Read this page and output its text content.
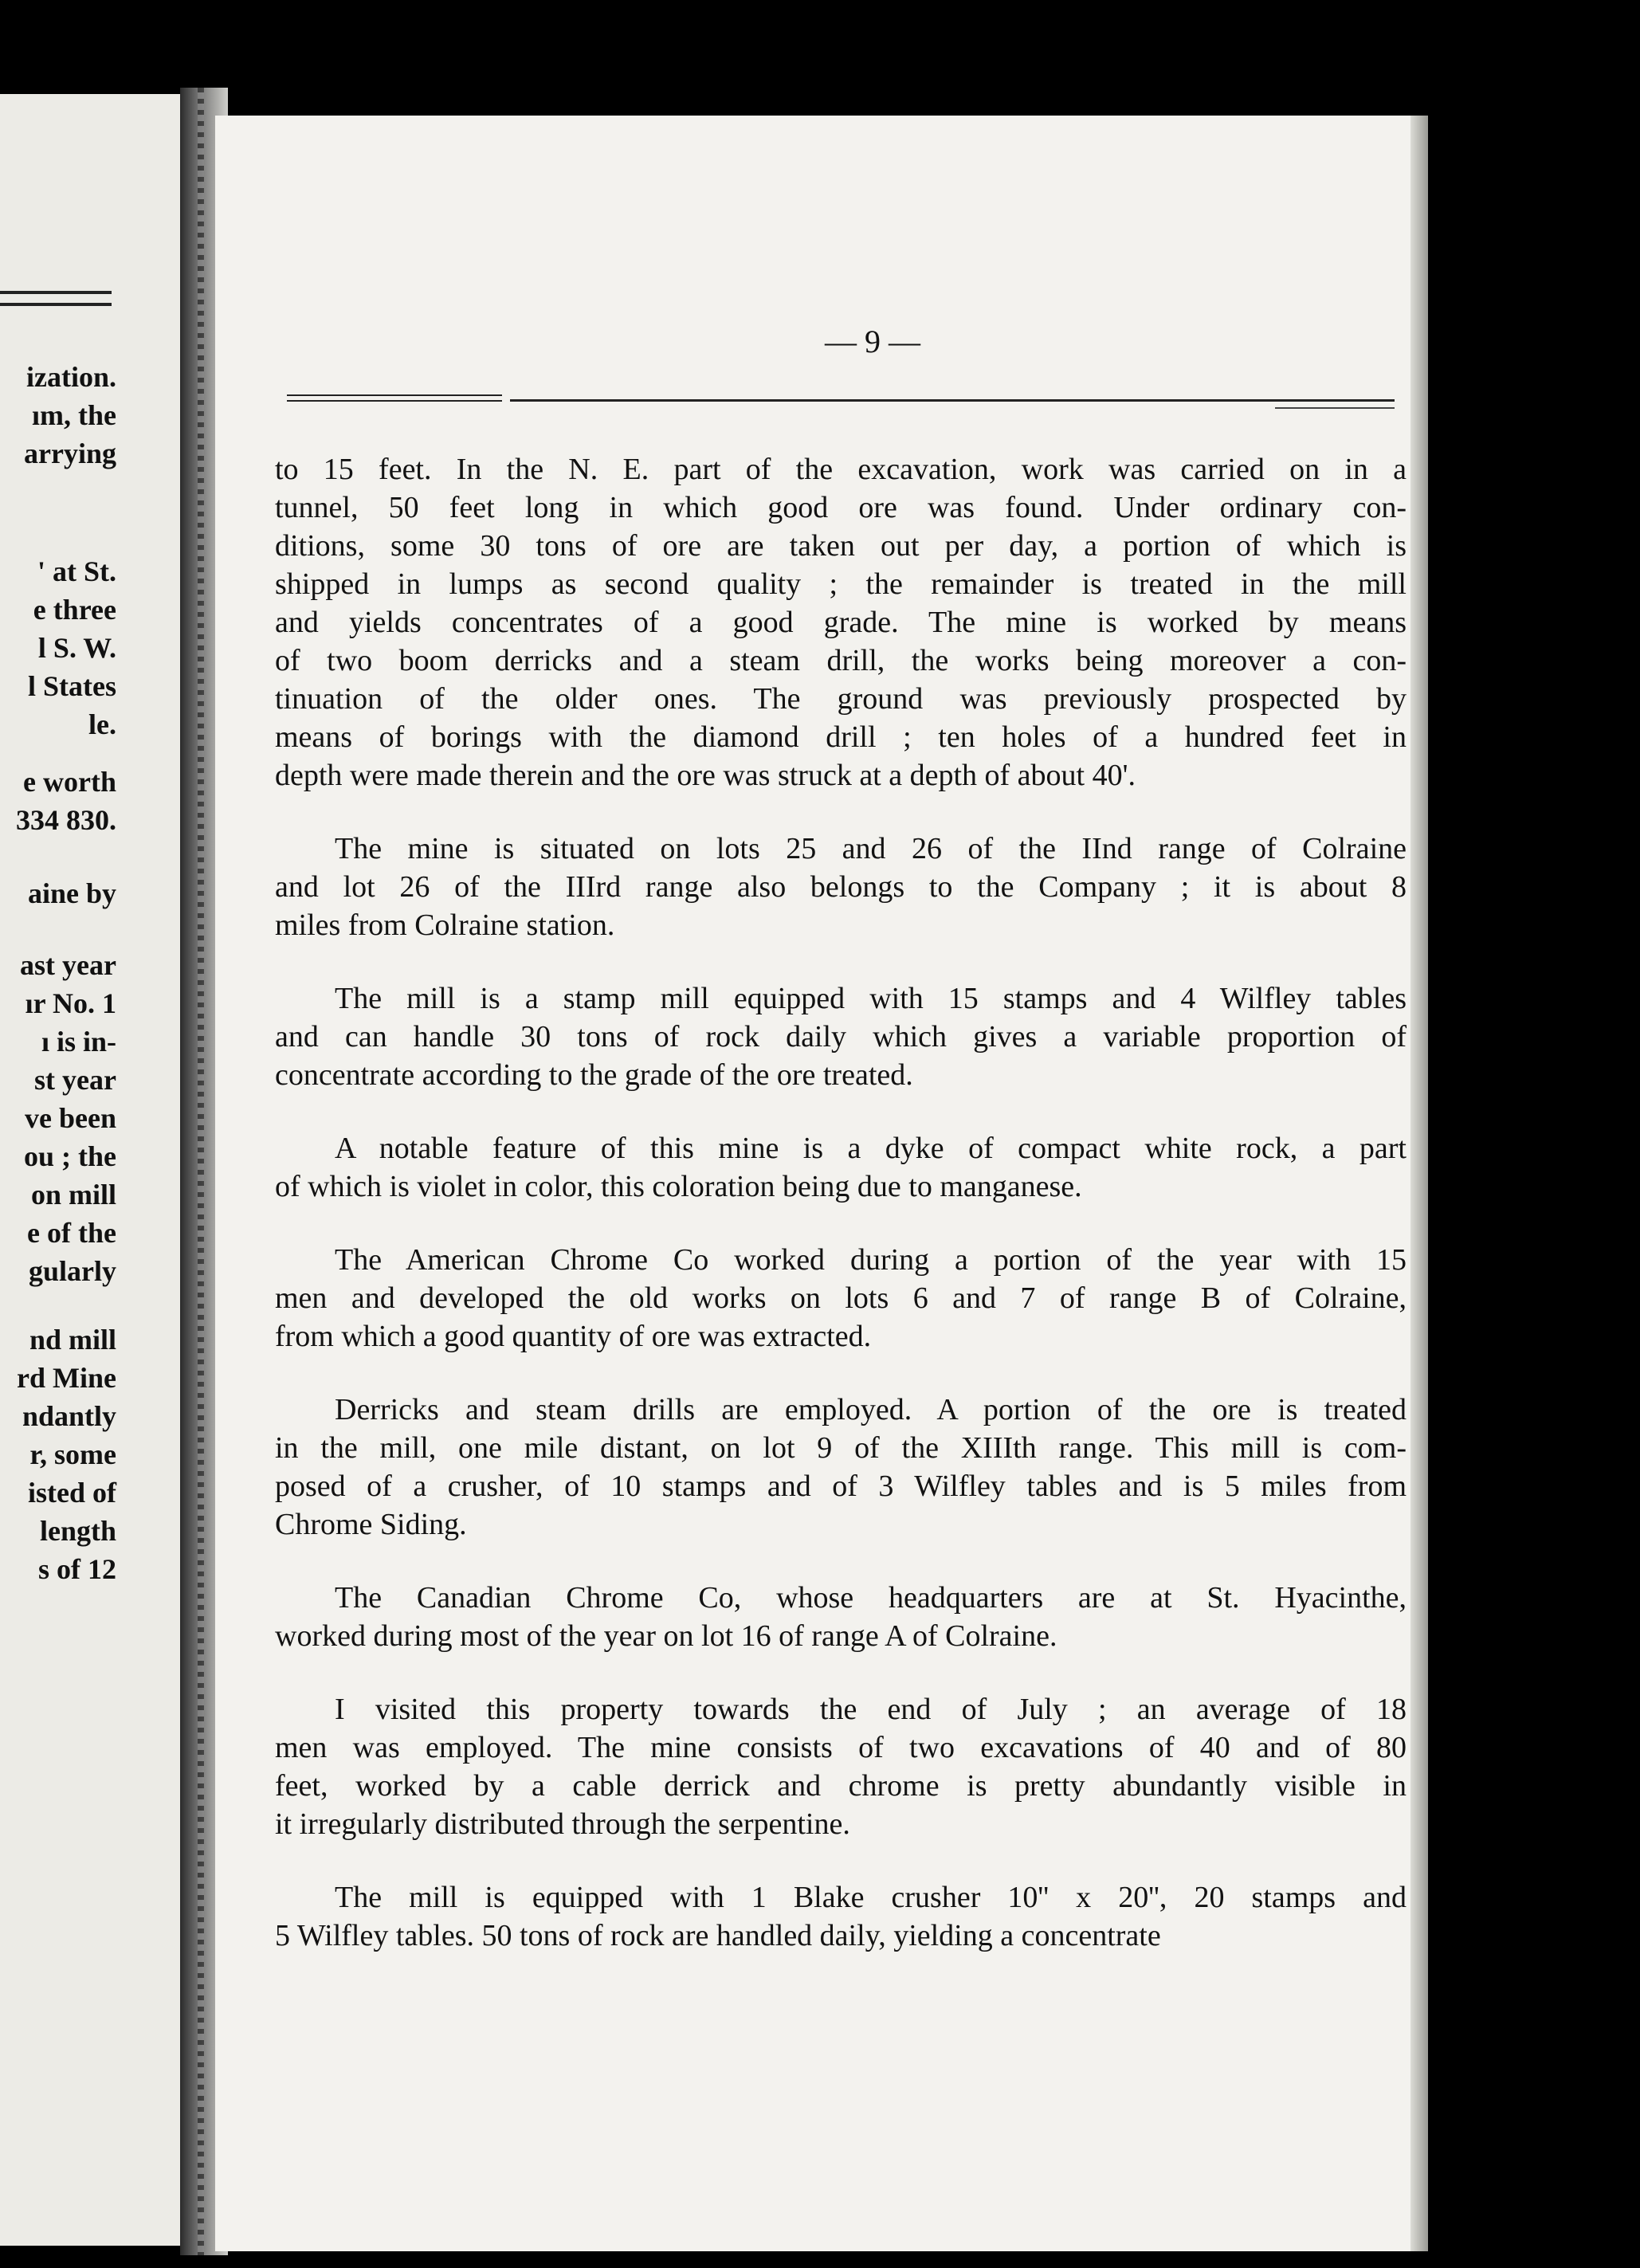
ization.
ım, the
arrying
' at St.
e three
l S. W.
l States
le.
e worth
334 830.
aine by
ast year
ır No. 1
ı is in-
st year
ve been
ou ; the
on mill
e of the
gularly
nd mill
rd Mine
ndantly
r, some
isted of
length
s of 12
— 9 —
to 15 feet. In the N. E. part of the excavation, work was carried on in a
tunnel, 50 feet long in which good ore was found. Under ordinary con-
ditions, some 30 tons of ore are taken out per day, a portion of which is
shipped in lumps as second quality ; the remainder is treated in the mill
and yields concentrates of a good grade. The mine is worked by means
of two boom derricks and a steam drill, the works being moreover a con-
tinuation of the older ones. The ground was previously prospected by
means of borings with the diamond drill ; ten holes of a hundred feet in
depth were made therein and the ore was struck at a depth of about 40'.
The mine is situated on lots 25 and 26 of the IInd range of Colraine
and lot 26 of the IIIrd range also belongs to the Company ; it is about 8
miles from Colraine station.
The mill is a stamp mill equipped with 15 stamps and 4 Wilfley tables
and can handle 30 tons of rock daily which gives a variable proportion of
concentrate according to the grade of the ore treated.
A notable feature of this mine is a dyke of compact white rock, a part
of which is violet in color, this coloration being due to manganese.
The American Chrome Co worked during a portion of the year with 15
men and developed the old works on lots 6 and 7 of range B of Colraine,
from which a good quantity of ore was extracted.
Derricks and steam drills are employed. A portion of the ore is treated
in the mill, one mile distant, on lot 9 of the XIIIth range. This mill is com-
posed of a crusher, of 10 stamps and of 3 Wilfley tables and is 5 miles from
Chrome Siding.
The Canadian Chrome Co, whose headquarters are at St. Hyacinthe,
worked during most of the year on lot 16 of range A of Colraine.
I visited this property towards the end of July ; an average of 18
men was employed. The mine consists of two excavations of 40 and of 80
feet, worked by a cable derrick and chrome is pretty abundantly visible in
it irregularly distributed through the serpentine.
The mill is equipped with 1 Blake crusher 10'' x 20'', 20 stamps and
5 Wilfley tables. 50 tons of rock are handled daily, yielding a concentrate
